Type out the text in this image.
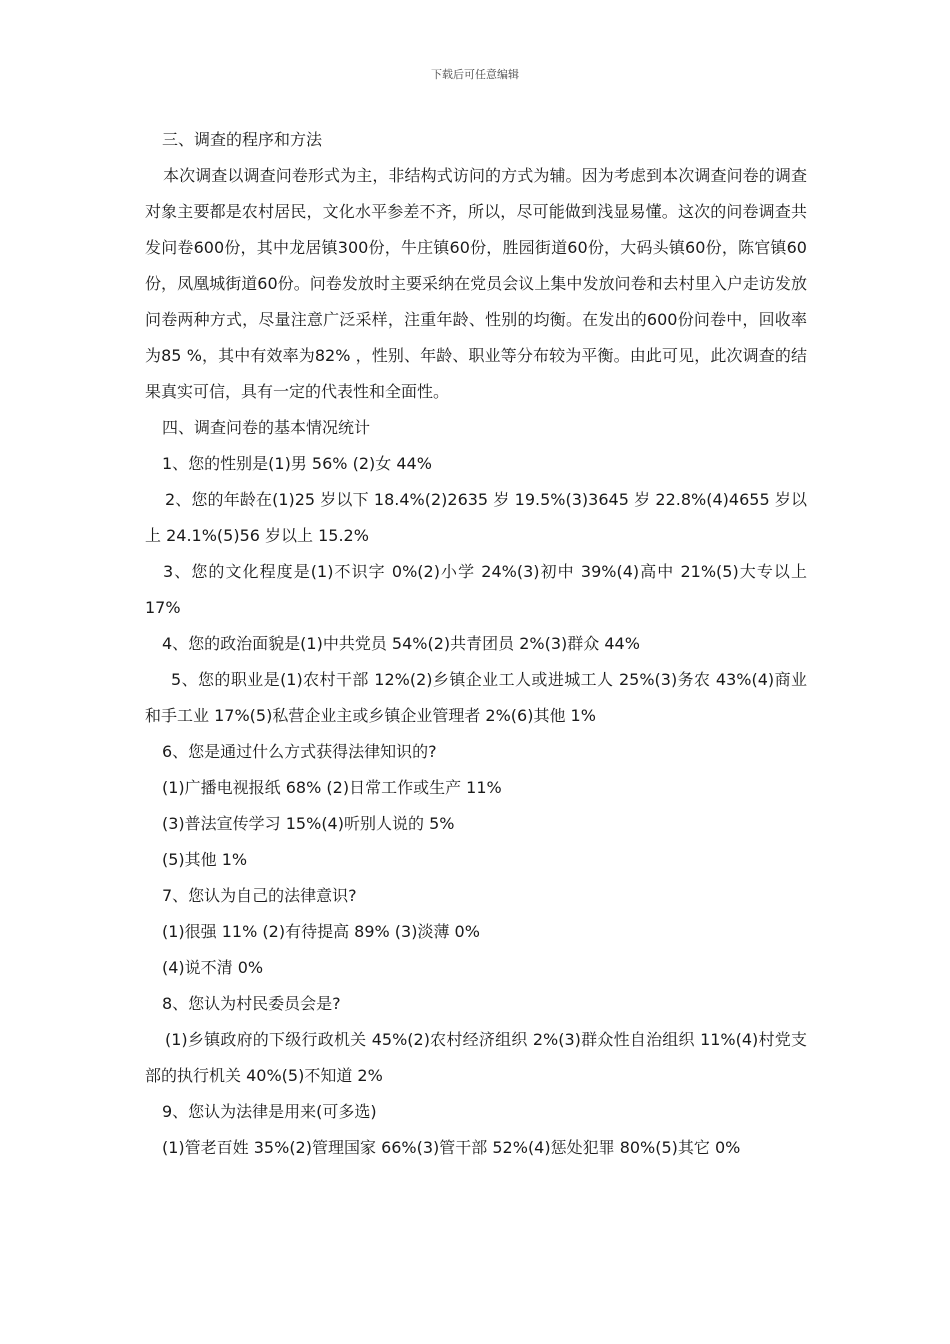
下载后可任意编辑

三、调查的程序和方法

本次调查以调查问卷形式为主，非结构式访问的方式为辅。因为考虑到本次调查问卷的调查对象主要都是农村居民，文化水平参差不齐，所以，尽可能做到浅显易懂。这次的问卷调查共发问卷600份，其中龙居镇300份，牛庄镇60份，胜园街道60份，大码头镇60份，陈官镇60份，凤凰城街道60份。问卷发放时主要采纳在党员会议上集中发放问卷和去村里入户走访发放问卷两种方式，尽量注意广泛采样，注重年龄、性别的均衡。在发出的600份问卷中，回收率为85 %，其中有效率为82% ，性别、年龄、职业等分布较为平衡。由此可见，此次调查的结果真实可信，具有一定的代表性和全面性。

四、调查问卷的基本情况统计

1、您的性别是(1)男 56% (2)女 44%

2、您的年龄在(1)25 岁以下 18.4%(2)2635 岁 19.5%(3)3645 岁 22.8%(4)4655 岁以上 24.1%(5)56 岁以上 15.2%

3、您的文化程度是(1)不识字 0%(2)小学 24%(3)初中 39%(4)高中 21%(5)大专以上 17%

4、您的政治面貌是(1)中共党员 54%(2)共青团员 2%(3)群众 44%

5、您的职业是(1)农村干部 12%(2)乡镇企业工人或进城工人 25%(3)务农 43%(4)商业和手工业 17%(5)私营企业主或乡镇企业管理者 2%(6)其他 1%

6、您是通过什么方式获得法律知识的?

(1)广播电视报纸 68% (2)日常工作或生产 11%

(3)普法宣传学习 15%(4)听别人说的 5%

(5)其他 1%

7、您认为自己的法律意识?

(1)很强 11% (2)有待提高 89% (3)淡薄 0%

(4)说不清 0%

8、您认为村民委员会是?

(1)乡镇政府的下级行政机关 45%(2)农村经济组织 2%(3)群众性自治组织 11%(4)村党支部的执行机关 40%(5)不知道 2%

9、您认为法律是用来(可多选)

(1)管老百姓 35%(2)管理国家 66%(3)管干部 52%(4)惩处犯罪 80%(5)其它 0%
